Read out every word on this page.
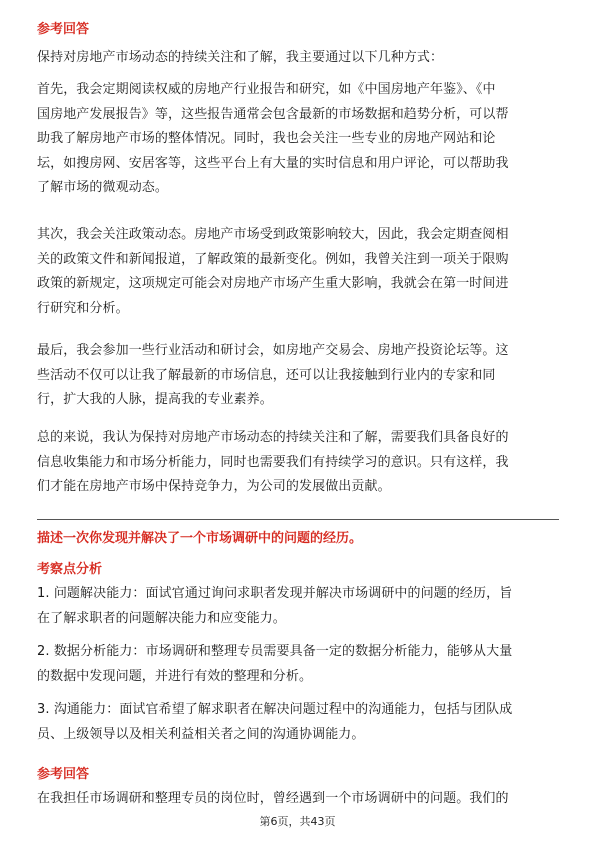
参考回答
保持对房地产市场动态的持续关注和了解，我主要通过以下几种方式：
首先，我会定期阅读权威的房地产行业报告和研究，如《中国房地产年鉴》、《中
国房地产发展报告》等，这些报告通常会包含最新的市场数据和趋势分析，可以帮
助我了解房地产市场的整体情况。同时，我也会关注一些专业的房地产网站和论
坛，如搜房网、安居客等，这些平台上有大量的实时信息和用户评论，可以帮助我
了解市场的微观动态。
其次，我会关注政策动态。房地产市场受到政策影响较大，因此，我会定期查阅相
关的政策文件和新闻报道，了解政策的最新变化。例如，我曾关注到一项关于限购
政策的新规定，这项规定可能会对房地产市场产生重大影响，我就会在第一时间进
行研究和分析。
最后，我会参加一些行业活动和研讨会，如房地产交易会、房地产投资论坛等。这
些活动不仅可以让我了解最新的市场信息，还可以让我接触到行业内的专家和同
行，扩大我的人脉，提高我的专业素养。
总的来说，我认为保持对房地产市场动态的持续关注和了解，需要我们具备良好的
信息收集能力和市场分析能力，同时也需要我们有持续学习的意识。只有这样，我
们才能在房地产市场中保持竞争力，为公司的发展做出贡献。
描述一次你发现并解决了一个市场调研中的问题的经历。
考察点分析
1. 问题解决能力：面试官通过询问求职者发现并解决市场调研中的问题的经历，旨
在了解求职者的问题解决能力和应变能力。
2. 数据分析能力：市场调研和整理专员需要具备一定的数据分析能力，能够从大量
的数据中发现问题，并进行有效的整理和分析。
3. 沟通能力：面试官希望了解求职者在解决问题过程中的沟通能力，包括与团队成
员、上级领导以及相关利益相关者之间的沟通协调能力。
参考回答
在我担任市场调研和整理专员的岗位时，曾经遇到一个市场调研中的问题。我们的
第6页，共43页
